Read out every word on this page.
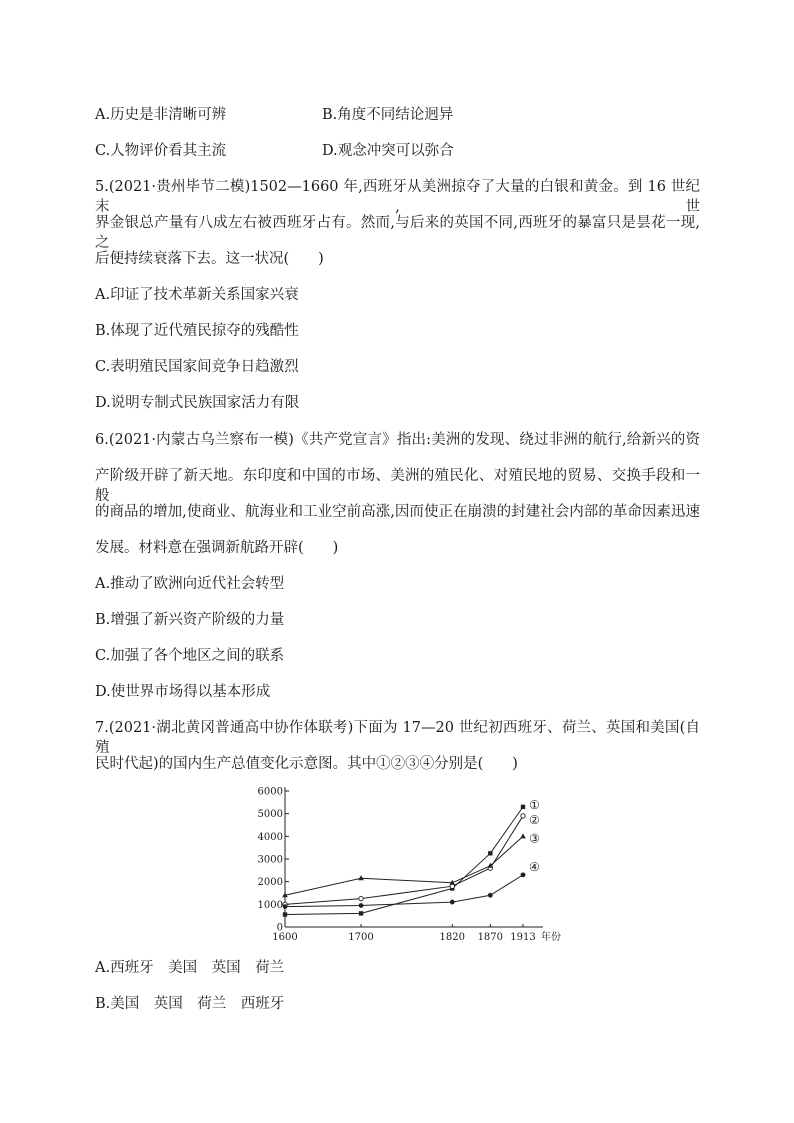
A.历史是非清晰可辨	B.角度不同结论迥异
C.人物评价看其主流	D.观念冲突可以弥合
5.(2021·贵州毕节二模)1502—1660 年,西班牙从美洲掠夺了大量的白银和黄金。到 16 世纪末,世
界金银总产量有八成左右被西班牙占有。然而,与后来的英国不同,西班牙的暴富只是昙花一现,之
后便持续衰落下去。这一状况(　　)
A.印证了技术革新关系国家兴衰
B.体现了近代殖民掠夺的残酷性
C.表明殖民国家间竞争日趋激烈
D.说明专制式民族国家活力有限
6.(2021·内蒙古乌兰察布一模)《共产党宣言》指出:美洲的发现、绕过非洲的航行,给新兴的资
产阶级开辟了新天地。东印度和中国的市场、美洲的殖民化、对殖民地的贸易、交换手段和一般
的商品的增加,使商业、航海业和工业空前高涨,因而使正在崩溃的封建社会内部的革命因素迅速
发展。材料意在强调新航路开辟(　　)
A.推动了欧洲向近代社会转型
B.增强了新兴资产阶级的力量
C.加强了各个地区之间的联系
D.使世界市场得以基本形成
7.(2021·湖北黄冈普通高中协作体联考)下面为 17—20 世纪初西班牙、荷兰、英国和美国(自殖
民时代起)的国内生产总值变化示意图。其中①②③④分别是(　　)
0
1000
2000
3000
4000
5000
6000
1600	1700	1820 1870 1913 年份
①
②
③
④
A.西班牙　美国　英国　荷兰
B.美国　英国　荷兰　西班牙
